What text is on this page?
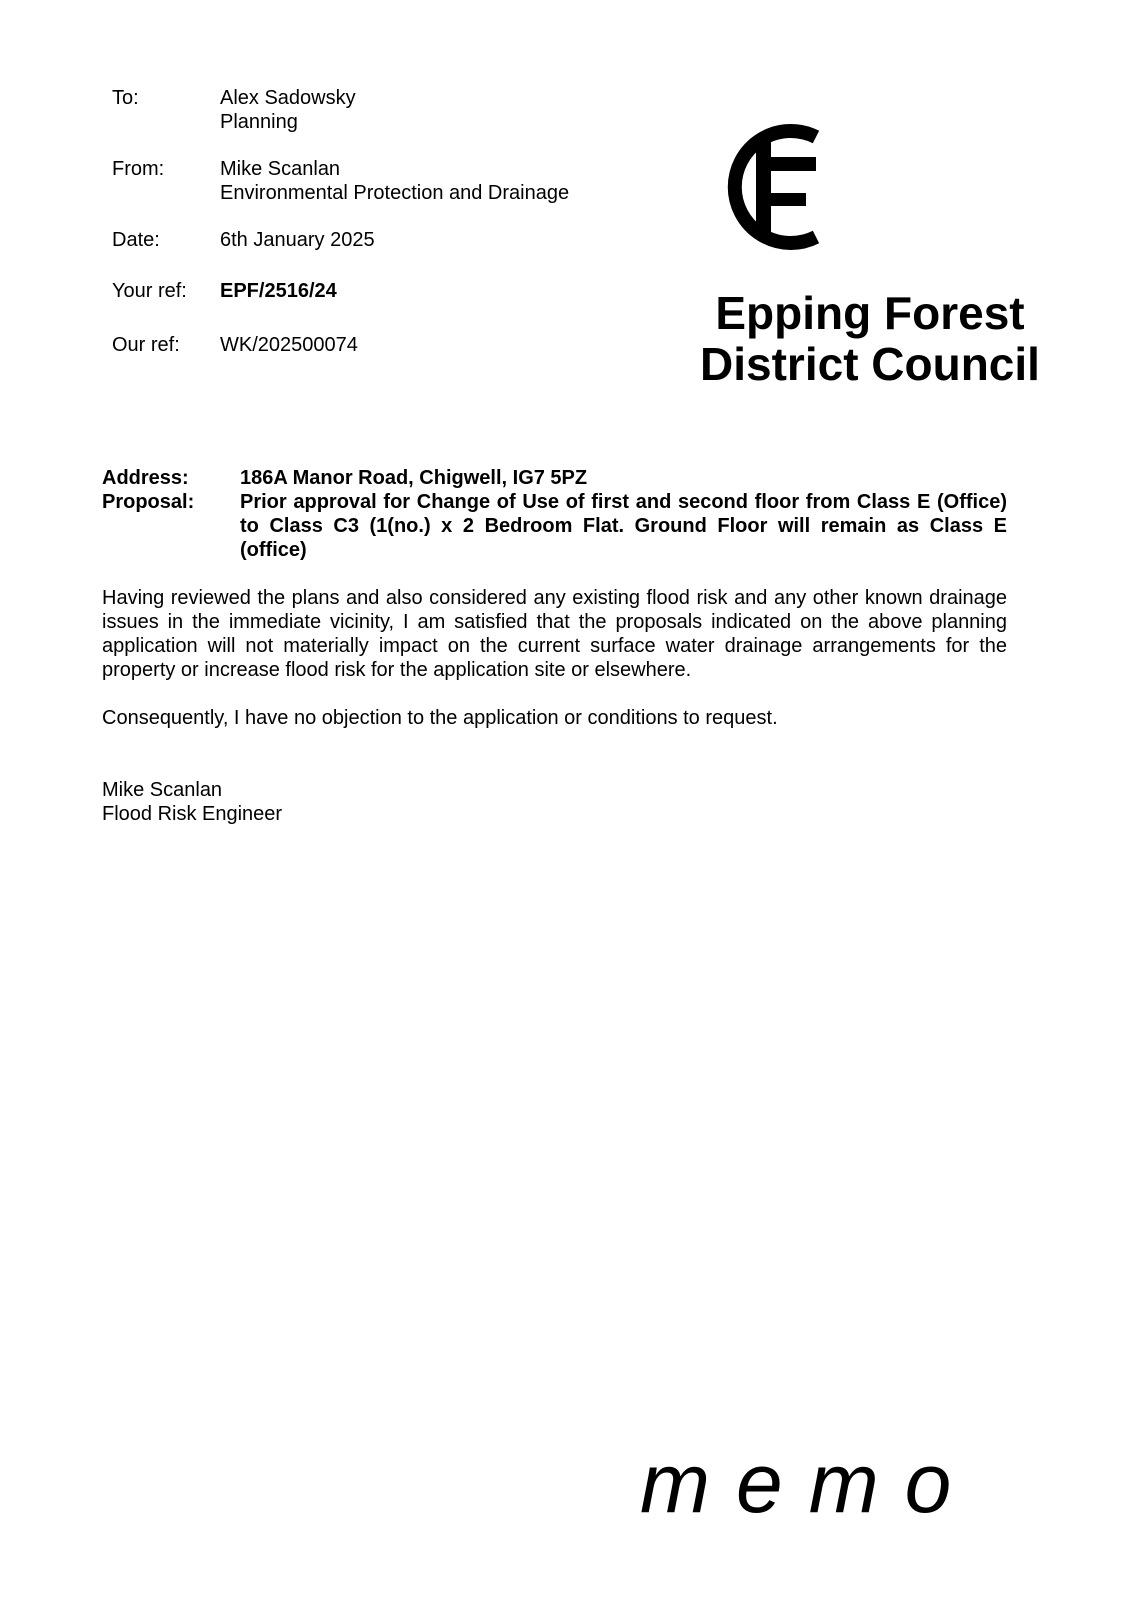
To:	Alex Sadowsky
Planning
From:	Mike Scanlan
Environmental Protection and Drainage
Date:	6th January 2025
Your ref: EPF/2516/24
Our ref: WK/202500074
Epping Forest
District Council
Address:	186A Manor Road, Chigwell, IG7 5PZ
Proposal:	Prior approval for Change of Use of first and second floor from Class E (Office) to Class C3 (1(no.) x 2 Bedroom Flat. Ground Floor will remain as Class E (office)

Having reviewed the plans and also considered any existing flood risk and any other known drainage issues in the immediate vicinity, I am satisfied that the proposals indicated on the above planning application will not materially impact on the current surface water drainage arrangements for the property or increase flood risk for the application site or elsewhere.

Consequently, I have no objection to the application or conditions to request.

Mike Scanlan
Flood Risk Engineer
memo
